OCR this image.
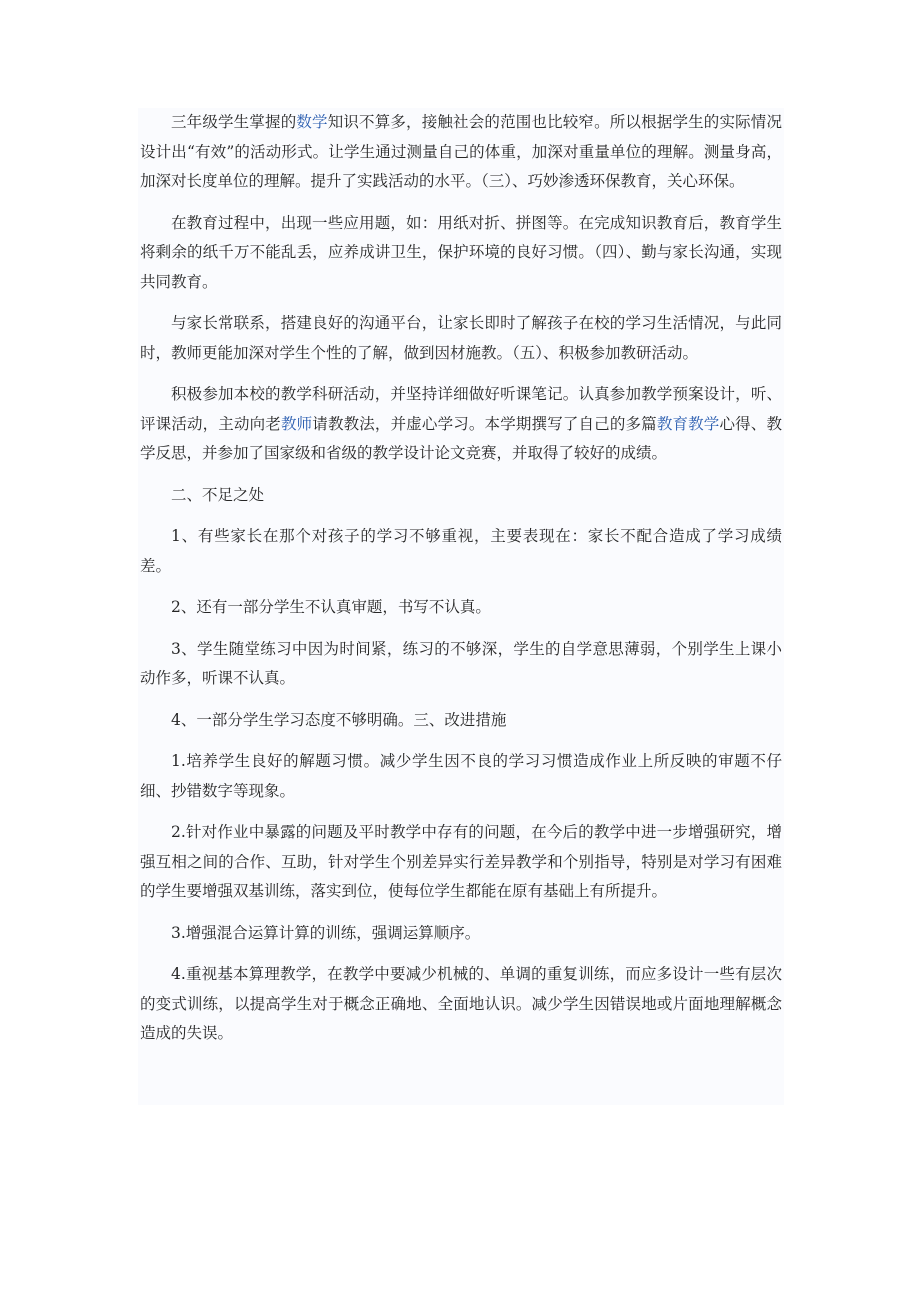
三年级学生掌握的数学知识不算多，接触社会的范围也比较窄。所以根据学生的实际情况设计出“有效”的活动形式。让学生通过测量自己的体重，加深对重量单位的理解。测量身高，加深对长度单位的理解。提升了实践活动的水平。（三）、巧妙渗透环保教育，关心环保。

在教育过程中，出现一些应用题，如：用纸对折、拼图等。在完成知识教育后，教育学生将剩余的纸千万不能乱丢，应养成讲卫生，保护环境的良好习惯。（四）、勤与家长沟通，实现共同教育。

与家长常联系，搭建良好的沟通平台，让家长即时了解孩子在校的学习生活情况，与此同时，教师更能加深对学生个性的了解，做到因材施教。（五）、积极参加教研活动。

积极参加本校的教学科研活动，并坚持详细做好听课笔记。认真参加教学预案设计，听、评课活动，主动向老教师请教教法，并虚心学习。本学期撰写了自己的多篇教育教学心得、教学反思，并参加了国家级和省级的教学设计论文竞赛，并取得了较好的成绩。

二、不足之处

1、有些家长在那个对孩子的学习不够重视，主要表现在：家长不配合造成了学习成绩差。

2、还有一部分学生不认真审题，书写不认真。

3、学生随堂练习中因为时间紧，练习的不够深，学生的自学意思薄弱，个别学生上课小动作多，听课不认真。

4、一部分学生学习态度不够明确。三、改进措施

1.培养学生良好的解题习惯。减少学生因不良的学习习惯造成作业上所反映的审题不仔细、抄错数字等现象。

2.针对作业中暴露的问题及平时教学中存有的问题，在今后的教学中进一步增强研究，增强互相之间的合作、互助，针对学生个别差异实行差异教学和个别指导，特别是对学习有困难的学生要增强双基训练，落实到位，使每位学生都能在原有基础上有所提升。

3.增强混合运算计算的训练，强调运算顺序。

4.重视基本算理教学，在教学中要减少机械的、单调的重复训练，而应多设计一些有层次的变式训练，以提高学生对于概念正确地、全面地认识。减少学生因错误地或片面地理解概念造成的失误。
